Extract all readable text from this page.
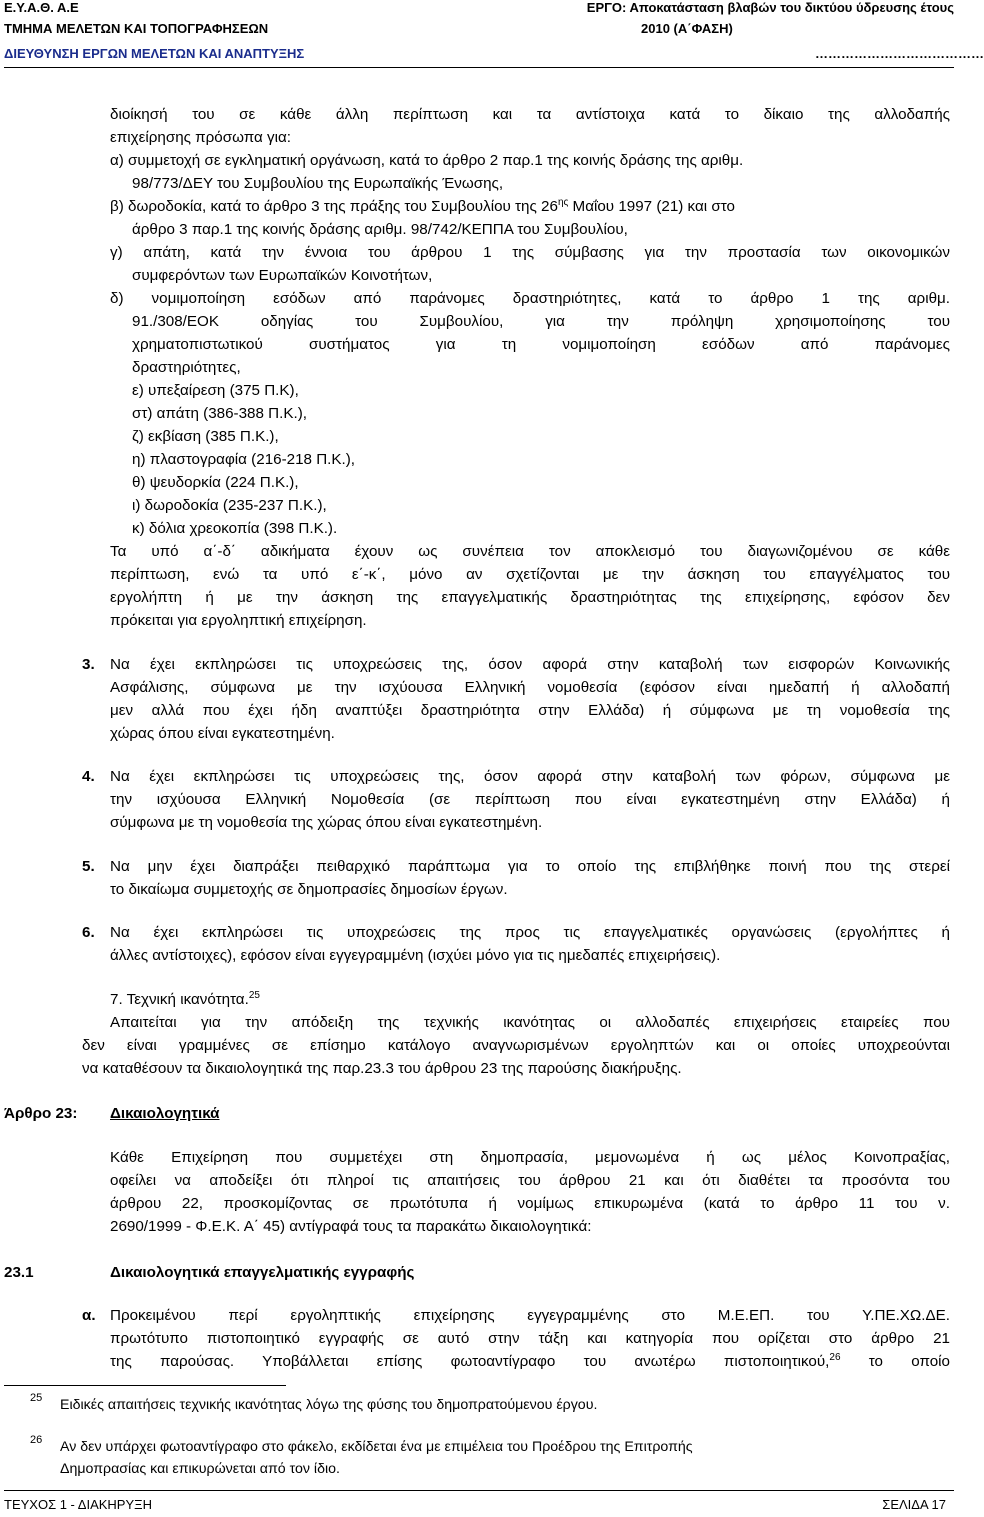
Ε.Υ.Α.Θ. Α.Ε
ΤΜΗΜΑ ΜΕΛΕΤΩΝ ΚΑΙ ΤΟΠΟΓΡΑΦΗΣΕΩΝ
ΔΙΕΥΘΥΝΣΗ ΕΡΓΩΝ ΜΕΛΕΤΩΝ ΚΑΙ ΑΝΑΠΤΥΞΗΣ
ΕΡΓΟ: Αποκατάσταση βλαβών του δικτύου ύδρευσης έτους
2010 (Α΄ΦΑΣΗ)
…………………………………
διοίκησή του σε κάθε άλλη περίπτωση και τα αντίστοιχα κατά το δίκαιο της αλλοδαπής
επιχείρησης πρόσωπα για:
α) συμμετοχή σε εγκληματική οργάνωση, κατά το άρθρο 2 παρ.1 της κοινής δράσης της αριθμ.
98/773/ΔΕΥ του Συμβουλίου της Ευρωπαϊκής Ένωσης,
β) δωροδοκία, κατά το άρθρο 3 της πράξης του Συμβουλίου της $26^{\eta\varsigma}$ Μαΐου 1997 (21) και στο
άρθρο 3 παρ.1 της κοινής δράσης αριθμ. 98/742/ΚΕΠΠΑ του Συμβουλίου,
γ) απάτη, κατά την έννοια του άρθρου 1 της σύμβασης για την προστασία των οικονομικών
συμφερόντων των Ευρωπαϊκών Κοινοτήτων,
δ) νομιμοποίηση εσόδων από παράνομες δραστηριότητες, κατά το άρθρο 1 της αριθμ.
91./308/ΕΟΚ οδηγίας του Συμβουλίου, για την πρόληψη χρησιμοποίησης του
χρηματοπιστωτικού συστήματος για τη νομιμοποίηση εσόδων από παράνομες
δραστηριότητες,
ε) υπεξαίρεση (375 Π.Κ),
στ) απάτη (386-388 Π.Κ.),
ζ) εκβίαση (385 Π.Κ.),
η) πλαστογραφία (216-218 Π.Κ.),
θ) ψευδορκία (224 Π.Κ.),
ι) δωροδοκία (235-237 Π.Κ.),
κ) δόλια χρεοκοπία (398 Π.Κ.).
Τα υπό α΄-δ΄ αδικήματα έχουν ως συνέπεια τον αποκλεισμό του διαγωνιζομένου σε κάθε
περίπτωση, ενώ τα υπό ε΄-κ΄, μόνο αν σχετίζονται με την άσκηση του επαγγέλματος του
εργολήπτη ή με την άσκηση της επαγγελματικής δραστηριότητας της επιχείρησης, εφόσον δεν
πρόκειται για εργοληπτική επιχείρηση.
3. Να έχει εκπληρώσει τις υποχρεώσεις της, όσον αφορά στην καταβολή των εισφορών Κοινωνικής
Ασφάλισης, σύμφωνα με την ισχύουσα Ελληνική νομοθεσία (εφόσον είναι ημεδαπή ή αλλοδαπή
μεν αλλά που έχει ήδη αναπτύξει δραστηριότητα στην Ελλάδα) ή σύμφωνα με τη νομοθεσία της
χώρας όπου είναι εγκατεστημένη.
4. Να έχει εκπληρώσει τις υποχρεώσεις της, όσον αφορά στην καταβολή των φόρων, σύμφωνα με
την ισχύουσα Ελληνική Νομοθεσία (σε περίπτωση που είναι εγκατεστημένη στην Ελλάδα) ή
σύμφωνα με τη νομοθεσία της χώρας όπου είναι εγκατεστημένη.
5. Να μην έχει διαπράξει πειθαρχικό παράπτωμα για το οποίο της επιβλήθηκε ποινή που της στερεί
το δικαίωμα συμμετοχής σε δημοπρασίες δημοσίων έργων.
6. Να έχει εκπληρώσει τις υποχρεώσεις της προς τις επαγγελματικές οργανώσεις (εργολήπτες ή
άλλες αντίστοιχες), εφόσον είναι εγγεγραμμένη (ισχύει μόνο για τις ημεδαπές επιχειρήσεις).
7. Τεχνική ικανότητα.$^{25}$
Απαιτείται για την απόδειξη της τεχνικής ικανότητας οι αλλοδαπές επιχειρήσεις εταιρείες που
δεν είναι γραμμένες σε επίσημο κατάλογο αναγνωρισμένων εργοληπτών και οι οποίες υποχρεούνται
να καταθέσουν τα δικαιολογητικά της παρ.23.3 του άρθρου 23 της παρούσης διακήρυξης.
Άρθρο 23: Δικαιολογητικά
Κάθε Επιχείρηση που συμμετέχει στη δημοπρασία, μεμονωμένα ή ως μέλος Κοινοπραξίας,
οφείλει να αποδείξει ότι πληροί τις απαιτήσεις του άρθρου 21 και ότι διαθέτει τα προσόντα του
άρθρου 22, προσκομίζοντας σε πρωτότυπα ή νομίμως επικυρωμένα (κατά το άρθρο 11 του ν.
2690/1999 - Φ.Ε.Κ. Α΄ 45) αντίγραφά τους τα παρακάτω δικαιολογητικά:
23.1	Δικαιολογητικά επαγγελματικής εγγραφής
α. Προκειμένου περί εργοληπτικής επιχείρησης εγγεγραμμένης στο Μ.Ε.ΕΠ. του Υ.ΠΕ.ΧΩ.ΔΕ.
πρωτότυπο πιστοποιητικό εγγραφής σε αυτό στην τάξη και κατηγορία που ορίζεται στο άρθρο 21
της παρούσας. Υποβάλλεται επίσης φωτοαντίγραφο του ανωτέρω πιστοποιητικού,$^{26}$ το οποίο
25 Ειδικές απαιτήσεις τεχνικής ικανότητας λόγω της φύσης του δημοπρατούμενου έργου.
26 Αν δεν υπάρχει φωτοαντίγραφο στο φάκελο, εκδίδεται ένα με επιμέλεια του Προέδρου της Επιτροπής
Δημοπρασίας και επικυρώνεται από τον ίδιο.
ΤΕΥΧΟΣ 1 - ΔΙΑΚΗΡΥΞΗ	ΣΕΛΙΔΑ 17
